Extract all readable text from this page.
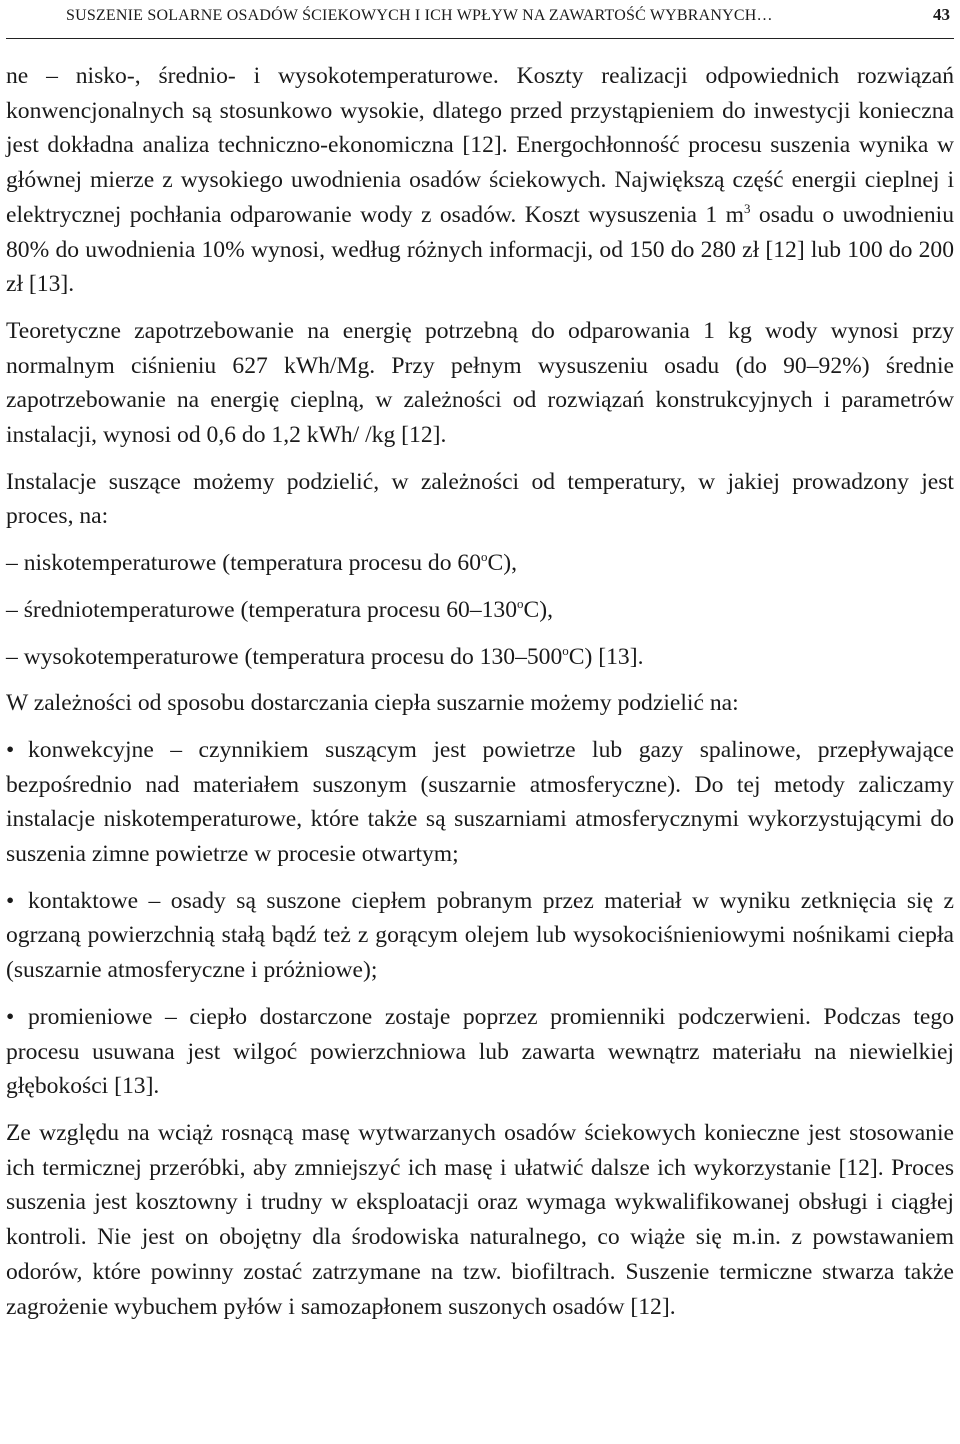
SUSZENIE SOLARNE OSADÓW ŚCIEKOWYCH I ICH WPŁYW NA ZAWARTOŚĆ WYBRANYCH…	43

ne – nisko-, średnio- i wysokotemperaturowe. Koszty realizacji odpowiednich rozwiązań konwencjonalnych są stosunkowo wysokie, dlatego przed przystąpieniem do inwestycji konieczna jest dokładna analiza techniczno-ekonomiczna [12]. Energochłonność procesu suszenia wynika w głównej mierze z wysokiego uwodnienia osadów ściekowych. Największą część energii cieplnej i elektrycznej pochłania odparowanie wody z osadów. Koszt wysuszenia 1 $m^3$ osadu o uwodnieniu 80% do uwodnienia 10% wynosi, według różnych informacji, od 150 do 280 zł [12] lub 100 do 200 zł [13].

Teoretyczne zapotrzebowanie na energię potrzebną do odparowania 1 kg wody wynosi przy normalnym ciśnieniu 627 kWh/Mg. Przy pełnym wysuszeniu osadu (do 90–92%) średnie zapotrzebowanie na energię cieplną, w zależności od rozwiązań konstrukcyjnych i parametrów instalacji, wynosi od 0,6 do 1,2 kWh/ /kg [12].

Instalacje suszące możemy podzielić, w zależności od temperatury, w jakiej prowadzony jest proces, na:

– niskotemperaturowe (temperatura procesu do 60$^o$C),
– średniotemperaturowe (temperatura procesu 60–130$^o$C),
– wysokotemperaturowe (temperatura procesu do 130–500$^o$C) [13].

W zależności od sposobu dostarczania ciepła suszarnie możemy podzielić na:

• konwekcyjne – czynnikiem suszącym jest powietrze lub gazy spalinowe, przepływające bezpośrednio nad materiałem suszonym (suszarnie atmosferyczne). Do tej metody zaliczamy instalacje niskotemperaturowe, które także są suszarniami atmosferycznymi wykorzystującymi do suszenia zimne powietrze w procesie otwartym;
• kontaktowe – osady są suszone ciepłem pobranym przez materiał w wyniku zetknięcia się z ogrzaną powierzchnią stałą bądź też z gorącym olejem lub wysokociśnieniowymi nośnikami ciepła (suszarnie atmosferyczne i próżniowe);
• promieniowe – ciepło dostarczone zostaje poprzez promienniki podczerwieni. Podczas tego procesu usuwana jest wilgoć powierzchniowa lub zawarta wewnątrz materiału na niewielkiej głębokości [13].

Ze względu na wciąż rosnącą masę wytwarzanych osadów ściekowych konieczne jest stosowanie ich termicznej przeróbki, aby zmniejszyć ich masę i ułatwić dalsze ich wykorzystanie [12]. Proces suszenia jest kosztowny i trudny w eksploatacji oraz wymaga wykwalifikowanej obsługi i ciągłej kontroli. Nie jest on obojętny dla środowiska naturalnego, co wiąże się m.in. z powstawaniem odorów, które powinny zostać zatrzymane na tzw. biofiltrach. Suszenie termiczne stwarza także zagrożenie wybuchem pyłów i samozapłonem suszonych osadów [12].
